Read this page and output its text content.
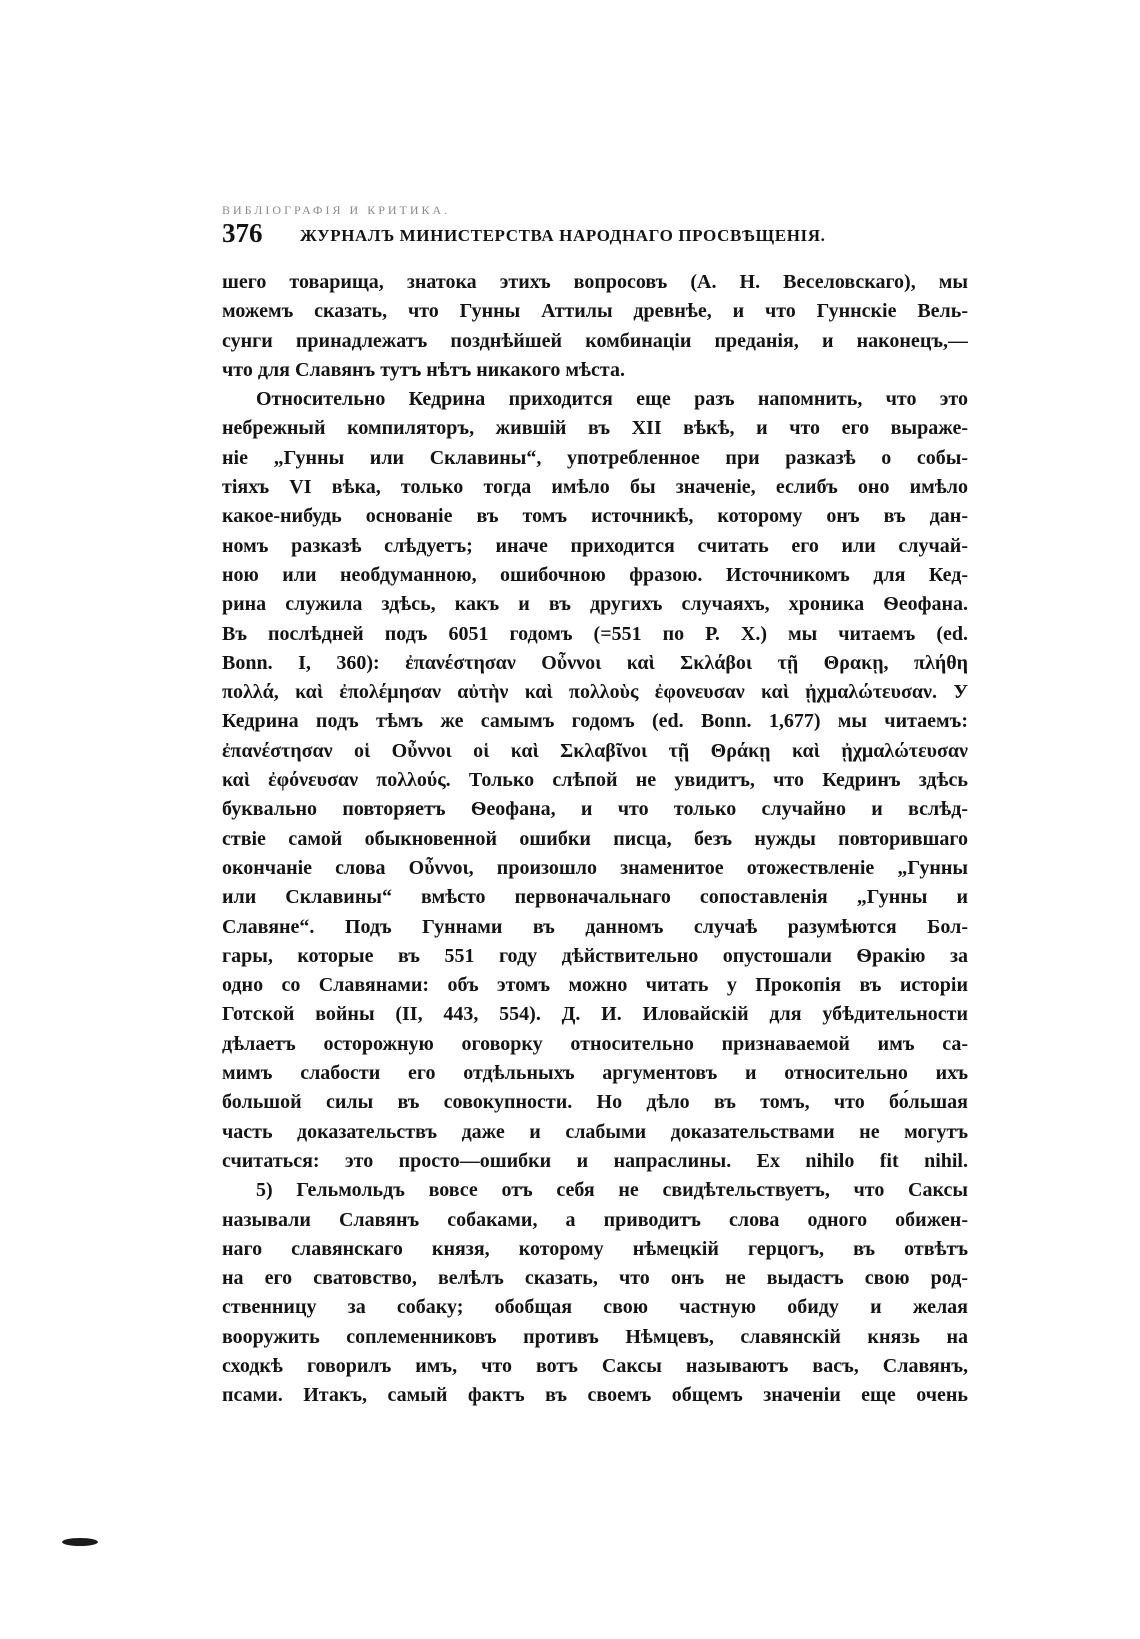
ВИБЛІОГРАФІЯ И КРИТИКА.
376 ЖУРНАЛЪ МИНИСТЕРСТВА НАРОДНАГО ПРОСВѢЩЕНІЯ.
шего товарища, знатока этихъ вопросовъ (А. Н. Веселовскаго), мы
можемъ сказать, что Гунны Аттилы древнѣе, и что Гуннскіе Вель-
сунги принадлежатъ позднѣйшей комбинаціи преданія, и наконецъ,—
что для Славянъ тутъ нѣтъ никакого мѣста.
Относительно Кедрина приходится еще разъ напомнить, что это
небрежный компиляторъ, жившій въ XII вѣкѣ, и что его выраже-
ніе „Гунны или Склавины“, употребленное при разказѣ о собы-
тіяхъ VI вѣка, только тогда имѣло бы значеніе, еслибъ оно имѣло
какое-нибудь основаніе въ томъ источникѣ, которому онъ въ дан-
номъ разказѣ слѣдуетъ; иначе приходится считать его или случай-
ною или необдуманною, ошибочною фразою. Источникомъ для Кед-
рина служила здѣсь, какъ и въ другихъ случаяхъ, хроника Ѳеофана.
Въ послѣдней подъ 6051 годомъ (=551 по Р. Х.) мы читаемъ (ed.
Bonn. I, 360): ἐπανέστησαν Οὖννοι καὶ Σκλάβοι τῇ Θρακῃ, πλήθη
πολλά, καὶ ἐπολέμησαν αὐτὴν καὶ πολλοὺς ἐφονευσαν καὶ ᾐχμαλώτευσαν. У
Кедрина подъ тѣмъ же самымъ годомъ (ed. Bonn. 1,677) мы читаемъ:
ἐπανέστησαν οἱ Οὖννοι οἱ καὶ Σκλαβῖνοι τῇ Θράκῃ καὶ ᾐχμαλώτευσαν
καὶ ἐφόνευσαν πολλούς. Только слѣпой не увидитъ, что Кедринъ здѣсь
буквально повторяетъ Ѳеофана, и что только случайно и вслѣд-
ствіе самой обыкновенной ошибки писца, безъ нужды повторившаго
окончаніе слова Οὖννοι, произошло знаменитое отожествленіе „Гунны
или Склавины“ вмѣсто первоначальнаго сопоставленія „Гунны и
Славяне“. Подъ Гуннами въ данномъ случаѣ разумѣются Бол-
гары, которые въ 551 году дѣйствительно опустошали Ѳракію за
одно со Славянами: объ этомъ можно читать у Прокопія въ исторіи
Готской войны (II, 443, 554). Д. И. Иловайскій для убѣдительности
дѣлаетъ осторожную оговорку относительно признаваемой имъ са-
мимъ слабости его отдѣльныхъ аргументовъ и относительно ихъ
большой силы въ совокупности. Но дѣло въ томъ, что бо́льшая
часть доказательствъ даже и слабыми доказательствами не могутъ
считаться: это просто—ошибки и напраслины. Ex nihilo fit nihil.
5) Гельмольдъ вовсе отъ себя не свидѣтельствуетъ, что Саксы
называли Славянъ собаками, а приводитъ слова одного обижен-
наго славянскаго князя, которому нѣмецкій герцогъ, въ отвѣтъ
на его сватовство, велѣлъ сказать, что онъ не выдастъ свою род-
ственницу за собаку; обобщая свою частную обиду и желая
вооружить соплеменниковъ противъ Нѣмцевъ, славянскій князь на
сходкѣ говорилъ имъ, что вотъ Саксы называютъ васъ, Славянъ,
псами. Итакъ, самый фактъ въ своемъ общемъ значеніи еще очень
